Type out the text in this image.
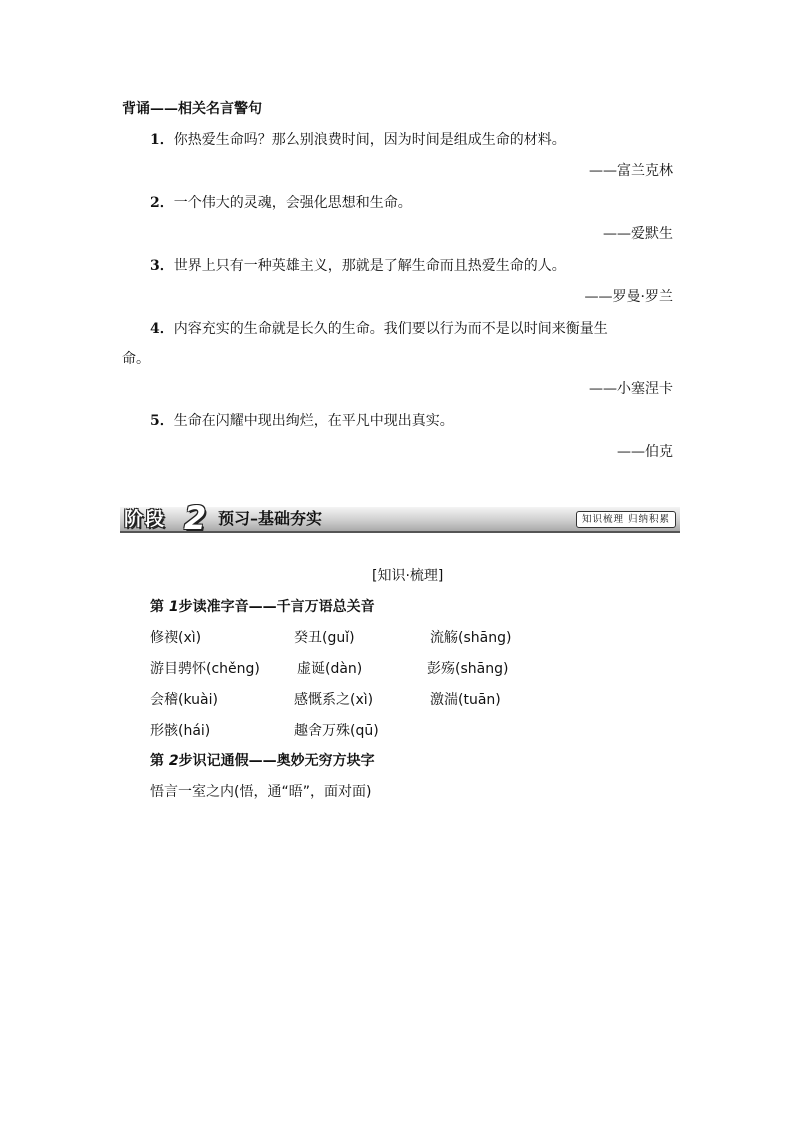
背诵——相关名言警句
1．你热爱生命吗？那么别浪费时间，因为时间是组成生命的材料。
——富兰克林
2．一个伟大的灵魂，会强化思想和生命。
——爱默生
3．世界上只有一种英雄主义，那就是了解生命而且热爱生命的人。
——罗曼·罗兰
4．内容充实的生命就是长久的生命。我们要以行为而不是以时间来衡量生
命。
——小塞涅卡
5．生命在闪耀中现出绚烂，在平凡中现出真实。
——伯克
阶段 2 预习–基础夯实	知识梳理 归纳积累
[知识·梳理]
第 1步读准字音——千言万语总关音
修禊(xì)	癸丑(guǐ)	流觞(shāng)
游目骋怀(chěng)	虚诞(dàn)	彭殇(shāng)
会稽(kuài)	感慨系之(xì)	激湍(tuān)
形骸(hái)	趣舍万殊(qū)
第 2步识记通假——奥妙无穷方块字
悟言一室之内(悟，通“晤”，面对面)
